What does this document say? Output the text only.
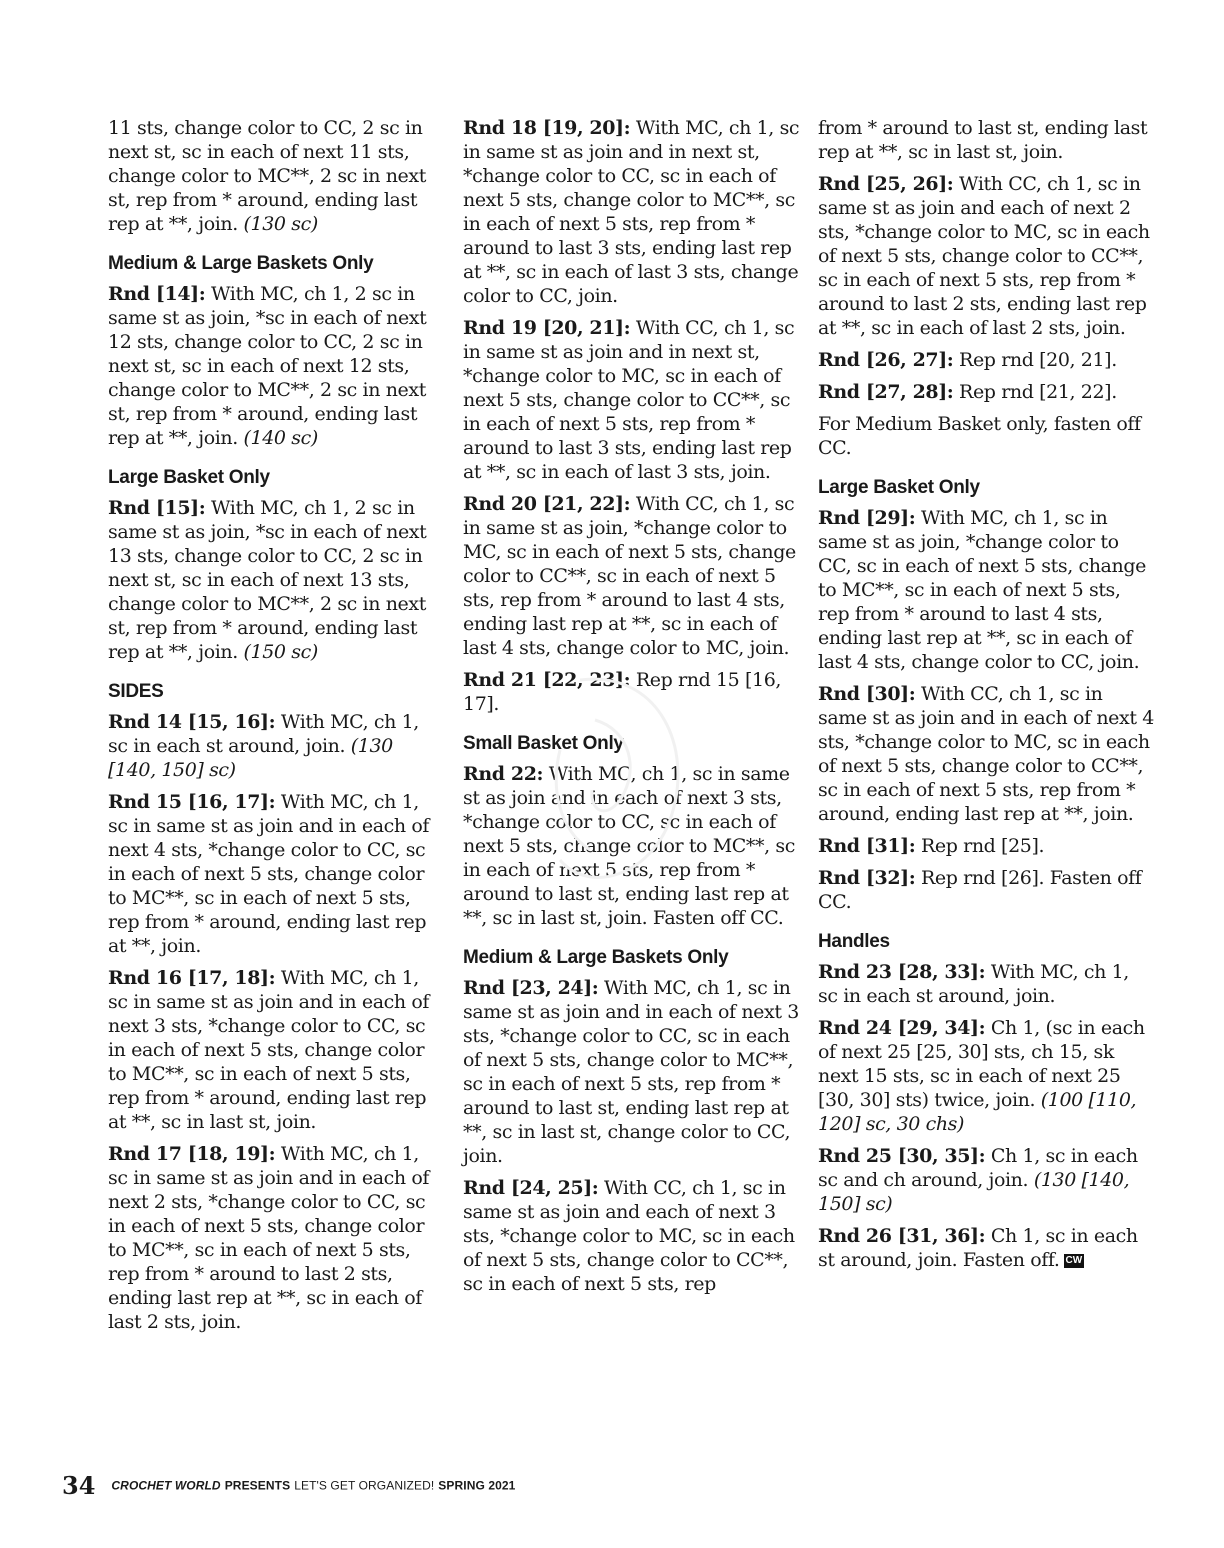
11 sts, change color to CC, 2 sc in next st, sc in each of next 11 sts, change color to MC**, 2 sc in next st, rep from * around, ending last rep at **, join. (130 sc)

Medium & Large Baskets Only

Rnd [14]: With MC, ch 1, 2 sc in same st as join, *sc in each of next 12 sts, change color to CC, 2 sc in next st, sc in each of next 12 sts, change color to MC**, 2 sc in next st, rep from * around, ending last rep at **, join. (140 sc)

Large Basket Only

Rnd [15]: With MC, ch 1, 2 sc in same st as join, *sc in each of next 13 sts, change color to CC, 2 sc in next st, sc in each of next 13 sts, change color to MC**, 2 sc in next st, rep from * around, ending last rep at **, join. (150 sc)

SIDES

Rnd 14 [15, 16]: With MC, ch 1, sc in each st around, join. (130 [140, 150] sc)

Rnd 15 [16, 17]: With MC, ch 1, sc in same st as join and in each of next 4 sts, *change color to CC, sc in each of next 5 sts, change color to MC**, sc in each of next 5 sts, rep from * around, ending last rep at **, join.

Rnd 16 [17, 18]: With MC, ch 1, sc in same st as join and in each of next 3 sts, *change color to CC, sc in each of next 5 sts, change color to MC**, sc in each of next 5 sts, rep from * around, ending last rep at **, sc in last st, join.

Rnd 17 [18, 19]: With MC, ch 1, sc in same st as join and in each of next 2 sts, *change color to CC, sc in each of next 5 sts, change color to MC**, sc in each of next 5 sts, rep from * around to last 2 sts, ending last rep at **, sc in each of last 2 sts, join.

Rnd 18 [19, 20]: With MC, ch 1, sc in same st as join and in next st, *change color to CC, sc in each of next 5 sts, change color to MC**, sc in each of next 5 sts, rep from * around to last 3 sts, ending last rep at **, sc in each of last 3 sts, change color to CC, join.

Rnd 19 [20, 21]: With CC, ch 1, sc in same st as join and in next st, *change color to MC, sc in each of next 5 sts, change color to CC**, sc in each of next 5 sts, rep from * around to last 3 sts, ending last rep at **, sc in each of last 3 sts, join.

Rnd 20 [21, 22]: With CC, ch 1, sc in same st as join, *change color to MC, sc in each of next 5 sts, change color to CC**, sc in each of next 5 sts, rep from * around to last 4 sts, ending last rep at **, sc in each of last 4 sts, change color to MC, join.

Rnd 21 [22, 23]: Rep rnd 15 [16, 17].

Small Basket Only

Rnd 22: With MC, ch 1, sc in same st as join and in each of next 3 sts, *change color to CC, sc in each of next 5 sts, change color to MC**, sc in each of next 5 sts, rep from * around to last st, ending last rep at **, sc in last st, join. Fasten off CC.

Medium & Large Baskets Only

Rnd [23, 24]: With MC, ch 1, sc in same st as join and in each of next 3 sts, *change color to CC, sc in each of next 5 sts, change color to MC**, sc in each of next 5 sts, rep from * around to last st, ending last rep at **, sc in last st, change color to CC, join.

Rnd [24, 25]: With CC, ch 1, sc in same st as join and each of next 3 sts, *change color to MC, sc in each of next 5 sts, change color to CC**, sc in each of next 5 sts, rep

from * around to last st, ending last rep at **, sc in last st, join.

Rnd [25, 26]: With CC, ch 1, sc in same st as join and each of next 2 sts, *change color to MC, sc in each of next 5 sts, change color to CC**, sc in each of next 5 sts, rep from * around to last 2 sts, ending last rep at **, sc in each of last 2 sts, join.

Rnd [26, 27]: Rep rnd [20, 21].

Rnd [27, 28]: Rep rnd [21, 22].

For Medium Basket only, fasten off CC.

Large Basket Only

Rnd [29]: With MC, ch 1, sc in same st as join, *change color to CC, sc in each of next 5 sts, change to MC**, sc in each of next 5 sts, rep from * around to last 4 sts, ending last rep at **, sc in each of last 4 sts, change color to CC, join.

Rnd [30]: With CC, ch 1, sc in same st as join and in each of next 4 sts, *change color to MC, sc in each of next 5 sts, change color to CC**, sc in each of next 5 sts, rep from * around, ending last rep at **, join.

Rnd [31]: Rep rnd [25].

Rnd [32]: Rep rnd [26]. Fasten off CC.

Handles

Rnd 23 [28, 33]: With MC, ch 1, sc in each st around, join.

Rnd 24 [29, 34]: Ch 1, (sc in each of next 25 [25, 30] sts, ch 15, sk next 15 sts, sc in each of next 25 [30, 30] sts) twice, join. (100 [110, 120] sc, 30 chs)

Rnd 25 [30, 35]: Ch 1, sc in each sc and ch around, join. (130 [140, 150] sc)

Rnd 26 [31, 36]: Ch 1, sc in each st around, join. Fasten off. CW

34 CROCHET WORLD PRESENTS LET'S GET ORGANIZED! SPRING 2021
